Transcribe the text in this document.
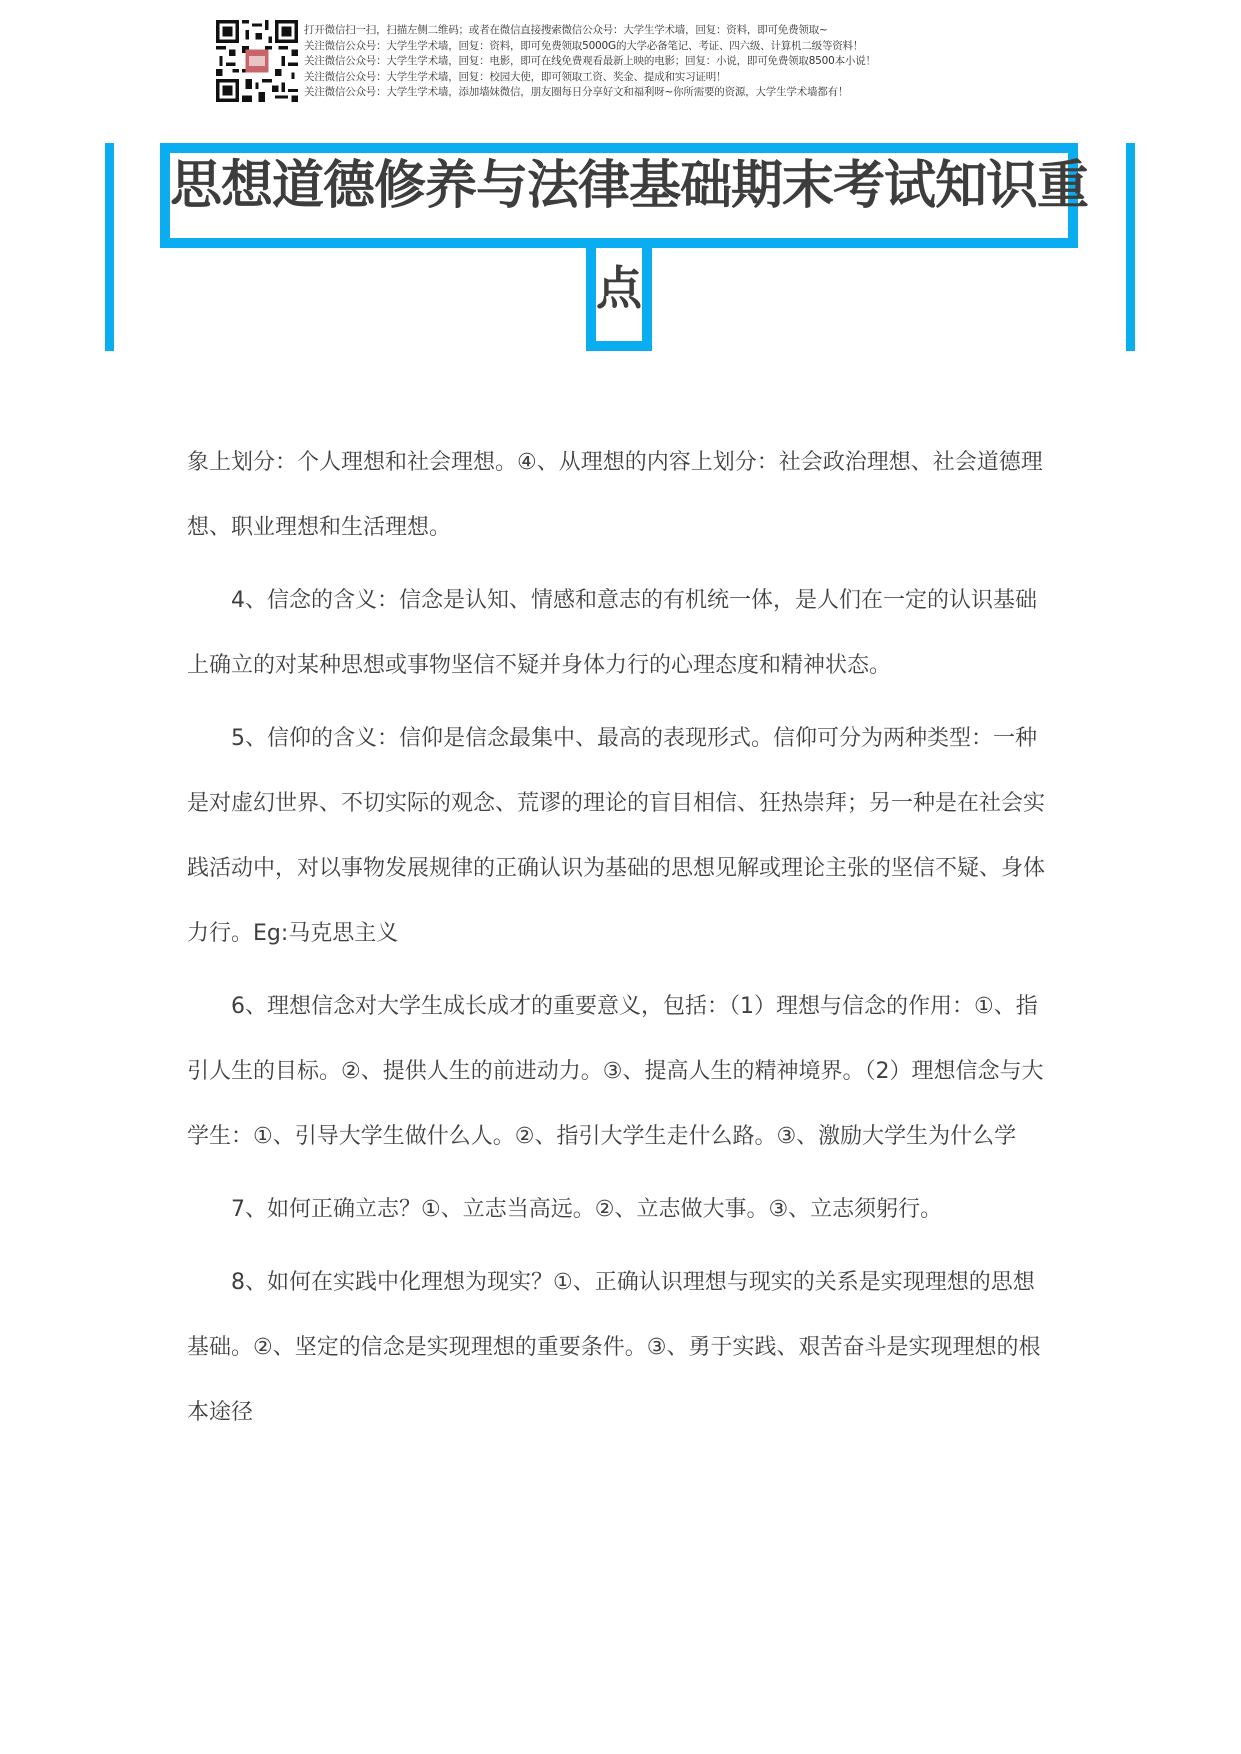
打开微信扫一扫，扫描左侧二维码；或者在微信直接搜索微信公众号：大学生学术墙，回复：资料，即可免费领取~
关注微信公众号：大学生学术墙，回复：资料，即可免费领取5000G的大学必备笔记、考证、四六级、计算机二级等资料！
关注微信公众号：大学生学术墙，回复：电影，即可在线免费观看最新上映的电影；回复：小说，即可免费领取8500本小说！
关注微信公众号：大学生学术墙，回复：校园大使，即可领取工资、奖金、提成和实习证明！
关注微信公众号：大学生学术墙，添加墙妹微信，朋友圈每日分享好文和福利呀~你所需要的资源，大学生学术墙都有！
思想道德修养与法律基础期末考试知识重
点

象上划分：个人理想和社会理想。④、从理想的内容上划分：社会政治理想、社会道德理想、职业理想和生活理想。

4、信念的含义：信念是认知、情感和意志的有机统一体，是人们在一定的认识基础上确立的对某种思想或事物坚信不疑并身体力行的心理态度和精神状态。

5、信仰的含义：信仰是信念最集中、最高的表现形式。信仰可分为两种类型：一种是对虚幻世界、不切实际的观念、荒谬的理论的盲目相信、狂热崇拜；另一种是在社会实践活动中，对以事物发展规律的正确认识为基础的思想见解或理论主张的坚信不疑、身体力行。Eg:马克思主义

6、理想信念对大学生成长成才的重要意义，包括：（1）理想与信念的作用：①、指引人生的目标。②、提供人生的前进动力。③、提高人生的精神境界。（2）理想信念与大学生：①、引导大学生做什么人。②、指引大学生走什么路。③、激励大学生为什么学

7、如何正确立志？①、立志当高远。②、立志做大事。③、立志须躬行。

8、如何在实践中化理想为现实？①、正确认识理想与现实的关系是实现理想的思想基础。②、坚定的信念是实现理想的重要条件。③、勇于实践、艰苦奋斗是实现理想的根本途径
